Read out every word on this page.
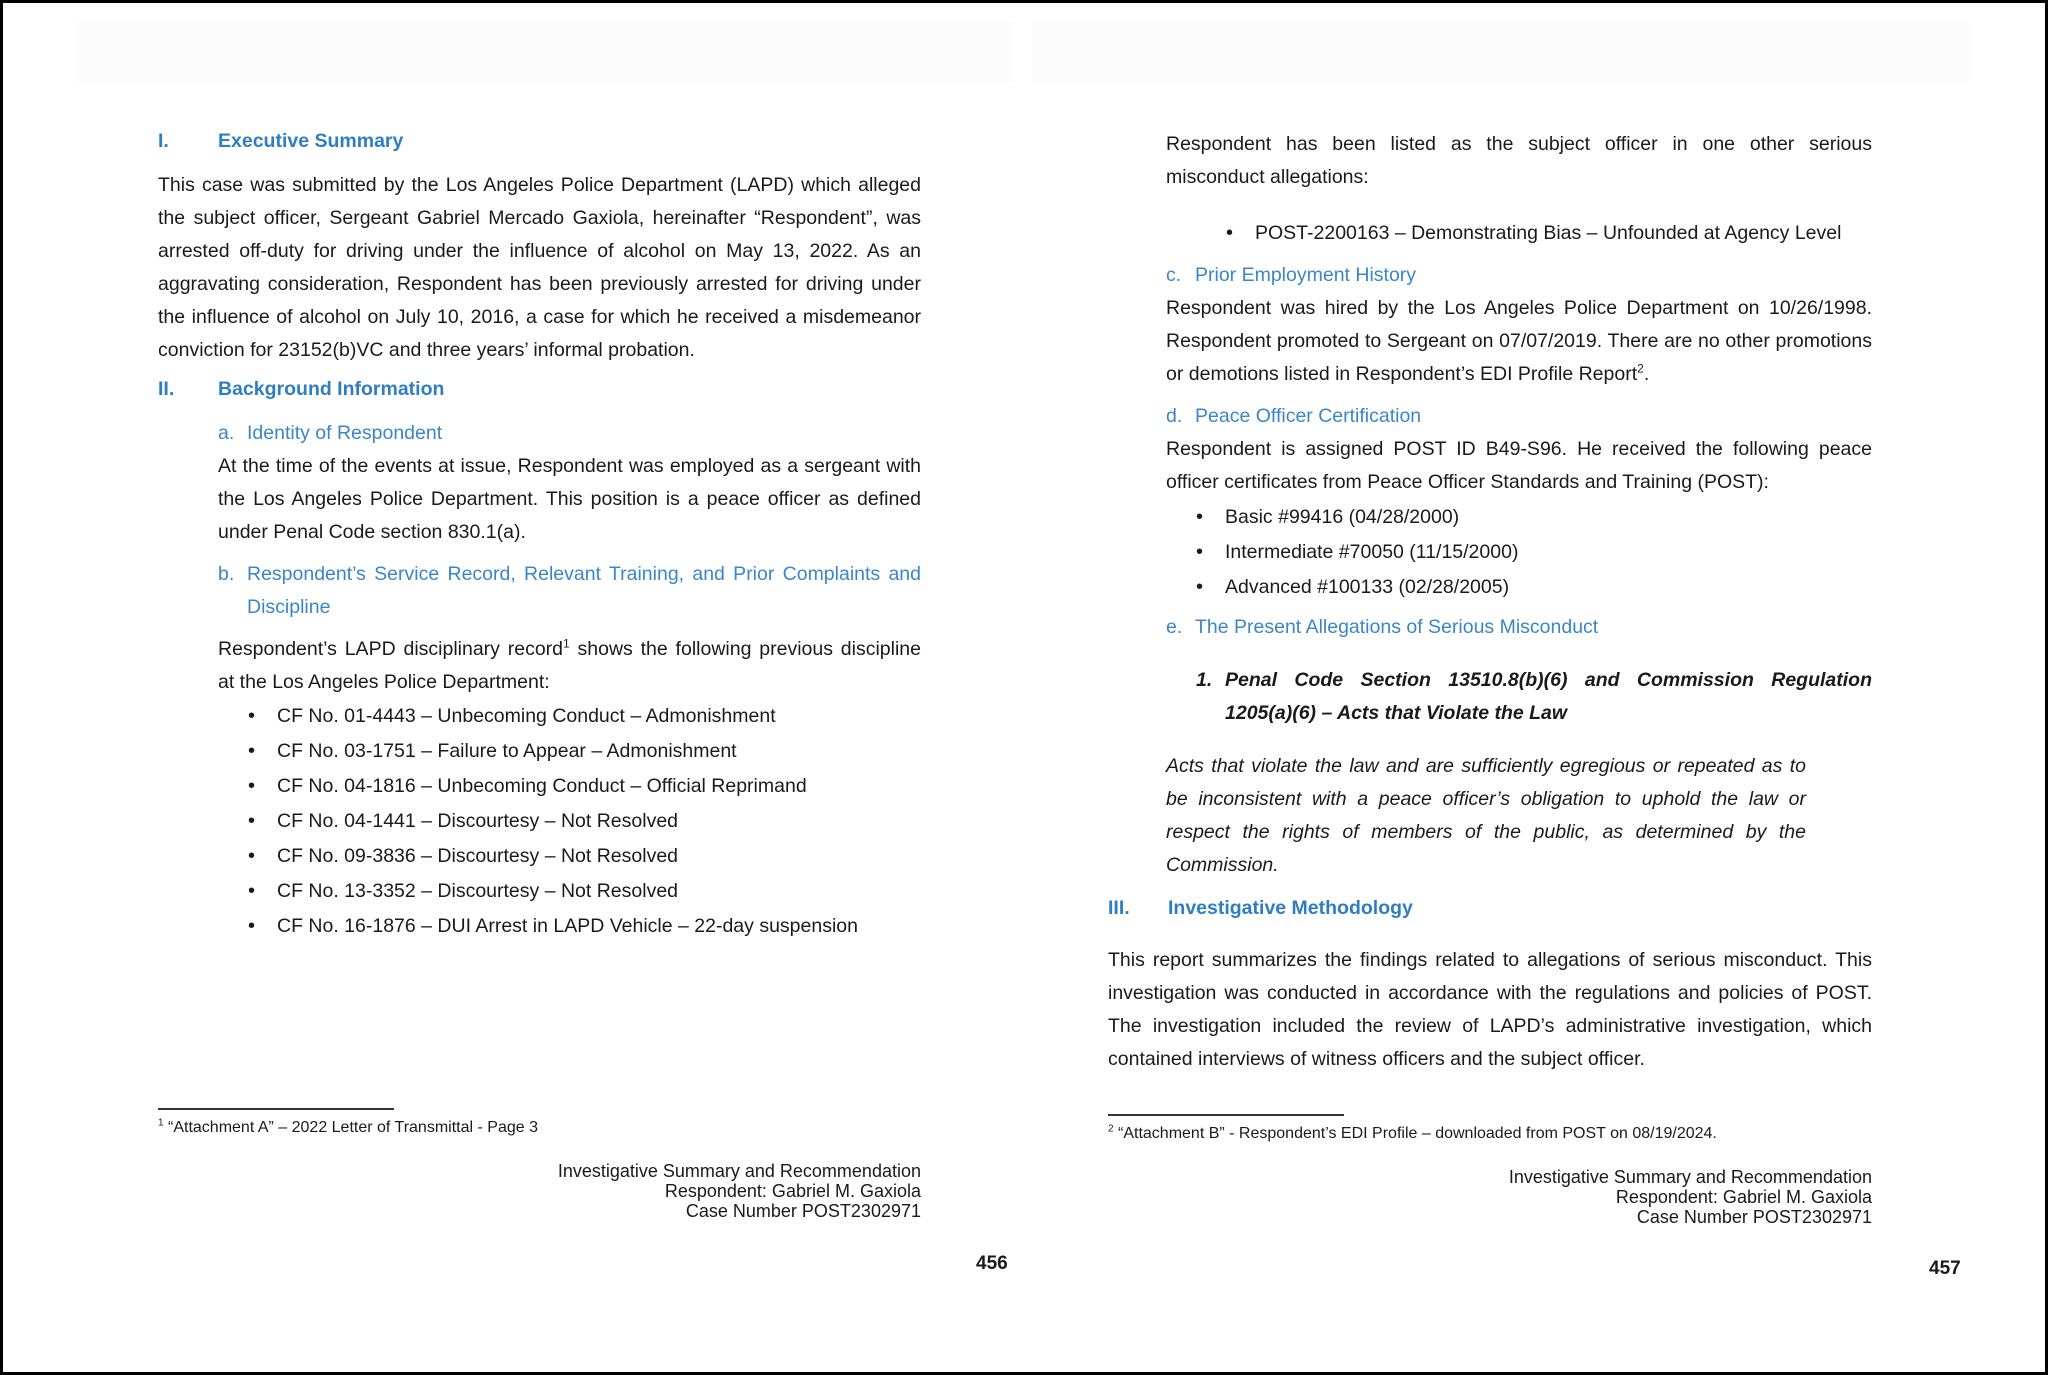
I.	Executive Summary

This case was submitted by the Los Angeles Police Department (LAPD) which alleged the subject officer, Sergeant Gabriel Mercado Gaxiola, hereinafter “Respondent”, was arrested off-duty for driving under the influence of alcohol on May 13, 2022. As an aggravating consideration, Respondent has been previously arrested for driving under the influence of alcohol on July 10, 2016, a case for which he received a misdemeanor conviction for 23152(b)VC and three years’ informal probation.

II.	Background Information
a. Identity of Respondent

At the time of the events at issue, Respondent was employed as a sergeant with the Los Angeles Police Department. This position is a peace officer as defined under Penal Code section 830.1(a).

b. Respondent’s Service Record, Relevant Training, and Prior Complaints and Discipline

Respondent’s LAPD disciplinary record$^1$ shows the following previous discipline at the Los Angeles Police Department:

• CF No. 01-4443 – Unbecoming Conduct – Admonishment
• CF No. 03-1751 – Failure to Appear – Admonishment
• CF No. 04-1816 – Unbecoming Conduct – Official Reprimand
• CF No. 04-1441 – Discourtesy – Not Resolved
• CF No. 09-3836 – Discourtesy – Not Resolved
• CF No. 13-3352 – Discourtesy – Not Resolved
• CF No. 16-1876 – DUI Arrest in LAPD Vehicle – 22-day suspension
$^1$ “Attachment A” – 2022 Letter of Transmittal - Page 3
Investigative Summary and Recommendation
Respondent: Gabriel M. Gaxiola
Case Number POST2302971
456

Respondent has been listed as the subject officer in one other serious misconduct allegations:

• POST-2200163 – Demonstrating Bias – Unfounded at Agency Level
c. Prior Employment History

Respondent was hired by the Los Angeles Police Department on 10/26/1998. Respondent promoted to Sergeant on 07/07/2019. There are no other promotions or demotions listed in Respondent’s EDI Profile Report$^2$.

d. Peace Officer Certification

Respondent is assigned POST ID B49-S96. He received the following peace officer certificates from Peace Officer Standards and Training (POST):

• Basic #99416 (04/28/2000)
• Intermediate #70050 (11/15/2000)
• Advanced #100133 (02/28/2005)
e. The Present Allegations of Serious Misconduct
1. Penal Code Section 13510.8(b)(6) and Commission Regulation 1205(a)(6) – Acts that Violate the Law

Acts that violate the law and are sufficiently egregious or repeated as to be inconsistent with a peace officer’s obligation to uphold the law or respect the rights of members of the public, as determined by the Commission.

III.	Investigative Methodology

This report summarizes the findings related to allegations of serious misconduct. This investigation was conducted in accordance with the regulations and policies of POST. The investigation included the review of LAPD’s administrative investigation, which contained interviews of witness officers and the subject officer.

$^2$ “Attachment B” - Respondent’s EDI Profile – downloaded from POST on 08/19/2024.
Investigative Summary and Recommendation
Respondent: Gabriel M. Gaxiola
Case Number POST2302971
457
